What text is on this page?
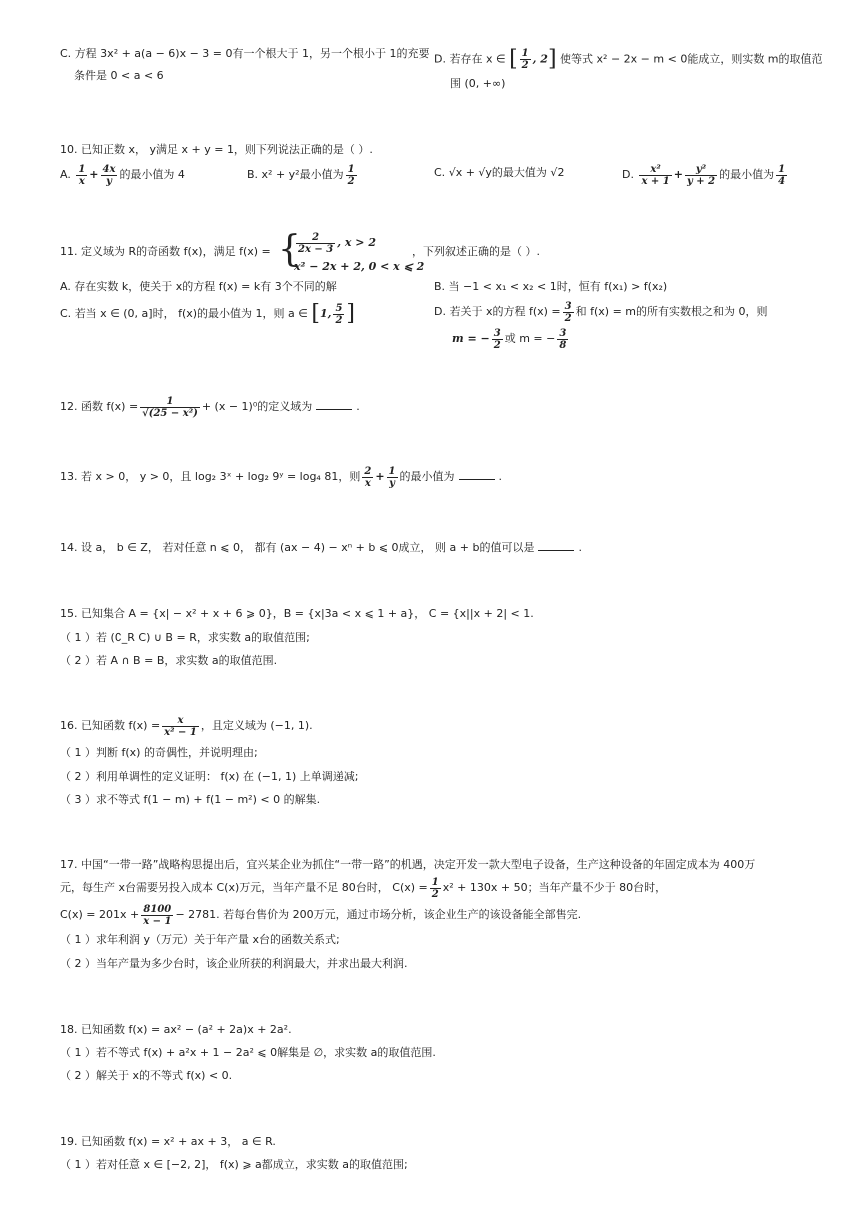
C. 方程 3x² + a(a − 6)x − 3 = 0有一个根大于 1，另一个根小于 1的充要
条件是 0 < a < 6
D. 若存在 x ∈ [ $\frac{1}{2}$ , 2] 使等式 x² − 2x − m < 0能成立，则实数 m的取值范
围 (0, +∞)
10. 已知正数 x， y满足 x + y = 1，则下列说法正确的是（ ）.
A. $\frac{1}{x} + \frac{4x}{y}$ 的最小值为 4	B. x² + y²最小值为 $\frac{1}{2}$	C. √x + √y的最大值为 √2	D. $\frac{\text{x²}}{x + 1} + \frac{\text{y²}}{y + 2}$ 的最小值为 $\frac{1}{4}$
11. 定义域为 R的奇函数 f(x)，满足 f(x) = {
$\frac{2}{2x - 3}$ , x > 2
x² − 2x + 2, 0 < x ⩽ 2
，下列叙述正确的是（ ）.
A. 存在实数 k，使关于 x的方程 f(x) = k有 3个不同的解	B. 当 −1 < x₁ < x₂ < 1时，恒有 f(x₁) > f(x₂)
C. 若当 x ∈ (0, a]时， f(x)的最小值为 1，则 a ∈ [1, $\frac{5}{2}$ ]	D. 若关于 x的方程 $f(x) = \frac{3}{2}$ 和 f(x) = m的所有实数根之和为 0，则
m = − $\frac{3}{2}$ 或 m = − $\frac{3}{8}$
12. 函数 $f(x) = \frac{1}{\text{√(25 − x²)}} + (x - 1)^0$的定义域为	.
13. 若 x > 0， y > 0，且 log₂ 3ˣ + log₂ 9ʸ = log₄ 81，则 $\frac{2}{x} + \frac{1}{y}$ 的最小值为	.
14. 设 a， b ∈ Z， 若对任意 n ⩽ 0， 都有 (ax − 4) − xⁿ + b ⩽ 0成立， 则 a + b的值可以是	.
15. 已知集合 A = {x| − x² + x + 6 ⩾ 0}，B = {x|3a < x ⩽ 1 + a}， C = {x||x + 2| < 1.
（ 1 ）若 (∁_R C) ∪ B = R，求实数 a的取值范围;
（ 2 ）若 A ∩ B = B，求实数 a的取值范围.
16. 已知函数 $f(x) = \frac{x}{\text{x² − 1}}$ ，且定义域为 (−1, 1).
（ 1 ）判断 f(x) 的奇偶性，并说明理由;
（ 2 ）利用单调性的定义证明： f(x) 在 (−1, 1) 上单调递减;
（ 3 ）求不等式 f(1 − m) + f(1 − m²) < 0 的解集.
17. 中国“一带一路”战略构思提出后，宜兴某企业为抓住“一带一路”的机遇，决定开发一款大型电子设备，生产这种设备的年固定成本为 400万
元，每生产 x台需要另投入成本 C(x)万元，当年产量不足 80台时， $C(x) = \frac{1}{2} x^2 + 130x + 50$；当年产量不少于 80台时，
$C(x) = 201x + \frac{8100}{x - 1} - 2781$. 若每台售价为 200万元，通过市场分析，该企业生产的该设备能全部售完.
（ 1 ）求年利润 y（万元）关于年产量 x台的函数关系式;
（ 2 ）当年产量为多少台时，该企业所获的利润最大，并求出最大利润.
18. 已知函数 f(x) = ax² − (a² + 2a)x + 2a².
（ 1 ）若不等式 f(x) + a²x + 1 − 2a² ⩽ 0解集是 ∅，求实数 a的取值范围.
（ 2 ）解关于 x的不等式 f(x) < 0.
19. 已知函数 f(x) = x² + ax + 3， a ∈ R.
（ 1 ）若对任意 x ∈ [−2, 2]， f(x) ⩾ a都成立，求实数 a的取值范围;
